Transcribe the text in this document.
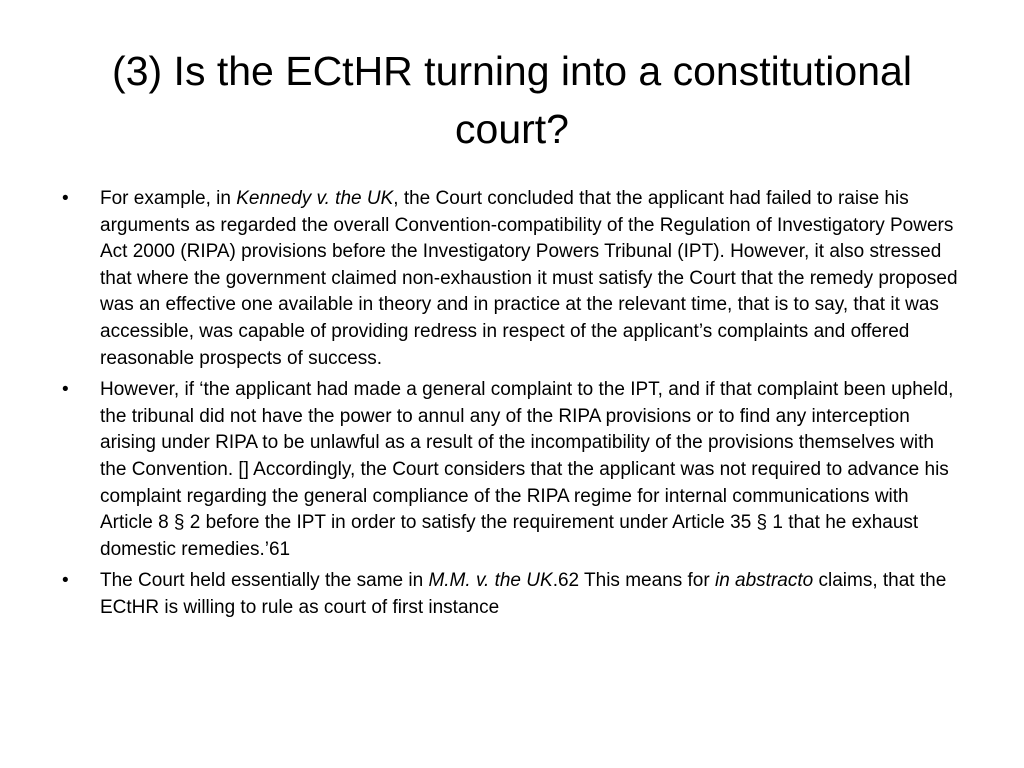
(3) Is the ECtHR turning into a constitutional court?
• For example, in Kennedy v. the UK, the Court concluded that the applicant had failed to raise his arguments as regarded the overall Convention-compatibility of the Regulation of Investigatory Powers Act 2000 (RIPA) provisions before the Investigatory Powers Tribunal (IPT). However, it also stressed that where the government claimed non-exhaustion it must satisfy the Court that the remedy proposed was an effective one available in theory and in practice at the relevant time, that is to say, that it was accessible, was capable of providing redress in respect of the applicant’s complaints and offered reasonable prospects of success.
• However, if ‘the applicant had made a general complaint to the IPT, and if that complaint been upheld, the tribunal did not have the power to annul any of the RIPA provisions or to find any interception arising under RIPA to be unlawful as a result of the incompatibility of the provisions themselves with the Convention. [] Accordingly, the Court considers that the applicant was not required to advance his complaint regarding the general compliance of the RIPA regime for internal communications with Article 8 § 2 before the IPT in order to satisfy the requirement under Article 35 § 1 that he exhaust domestic remedies.’61
• The Court held essentially the same in M.M. v. the UK.62 This means for in abstracto claims, that the ECtHR is willing to rule as court of first instance
